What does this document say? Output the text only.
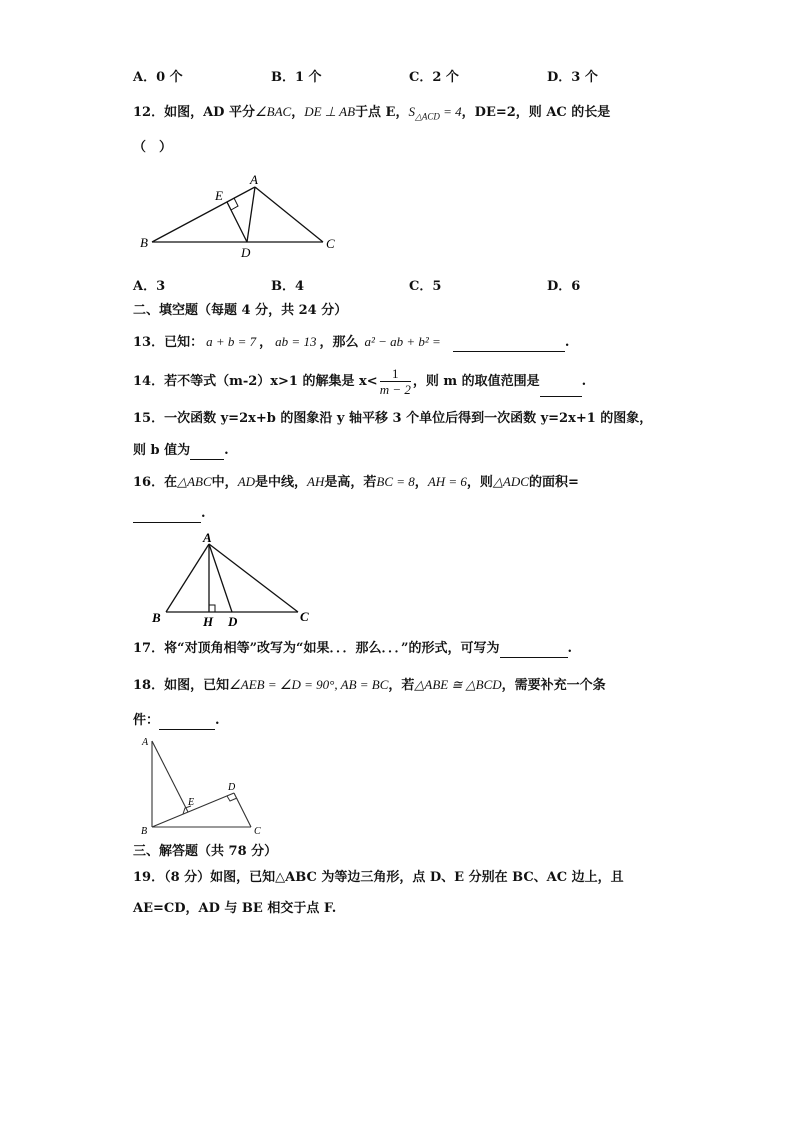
A．0 个	B．1 个	C．2 个	D．3 个
12．如图，AD 平分∠BAC，DE ⊥ AB于点 E，$S_{\triangle ACD} = 4$，DE=2，则 AC 的长是
（　）
B	C
A
E
D
A．3	B．4	C．5	D．6
二、填空题（每题 4 分，共 24 分）
13．已知： a + b = 7 ， ab = 13 ，那么 a² − ab + b² =	.
14．若不等式（m-2）x>1 的解集是 $x< \frac{1}{m - 2}$ ，则 m 的取值范围是	.
15．一次函数 y=2x+b 的图象沿 y 轴平移 3 个单位后得到一次函数 y=2x+1 的图象，
则 b 值为	.
16．在△ABC中，AD是中线，AH是高，若BC = 8，AH = 6，则△ADC的面积=
.
A
B	C
H D
17．将“对顶角相等”改写为“如果．．．那么．．．”的形式，可写为	.
18．如图，已知∠AEB = ∠D = 90°, AB = BC，若△ABE ≅ △BCD，需要补充一个条
件：	.
A
B	C
D
E
三、解答题（共 78 分）
19．（8 分）如图，已知△ABC 为等边三角形，点 D、E 分别在 BC、AC 边上，且
AE=CD，AD 与 BE 相交于点 F.
